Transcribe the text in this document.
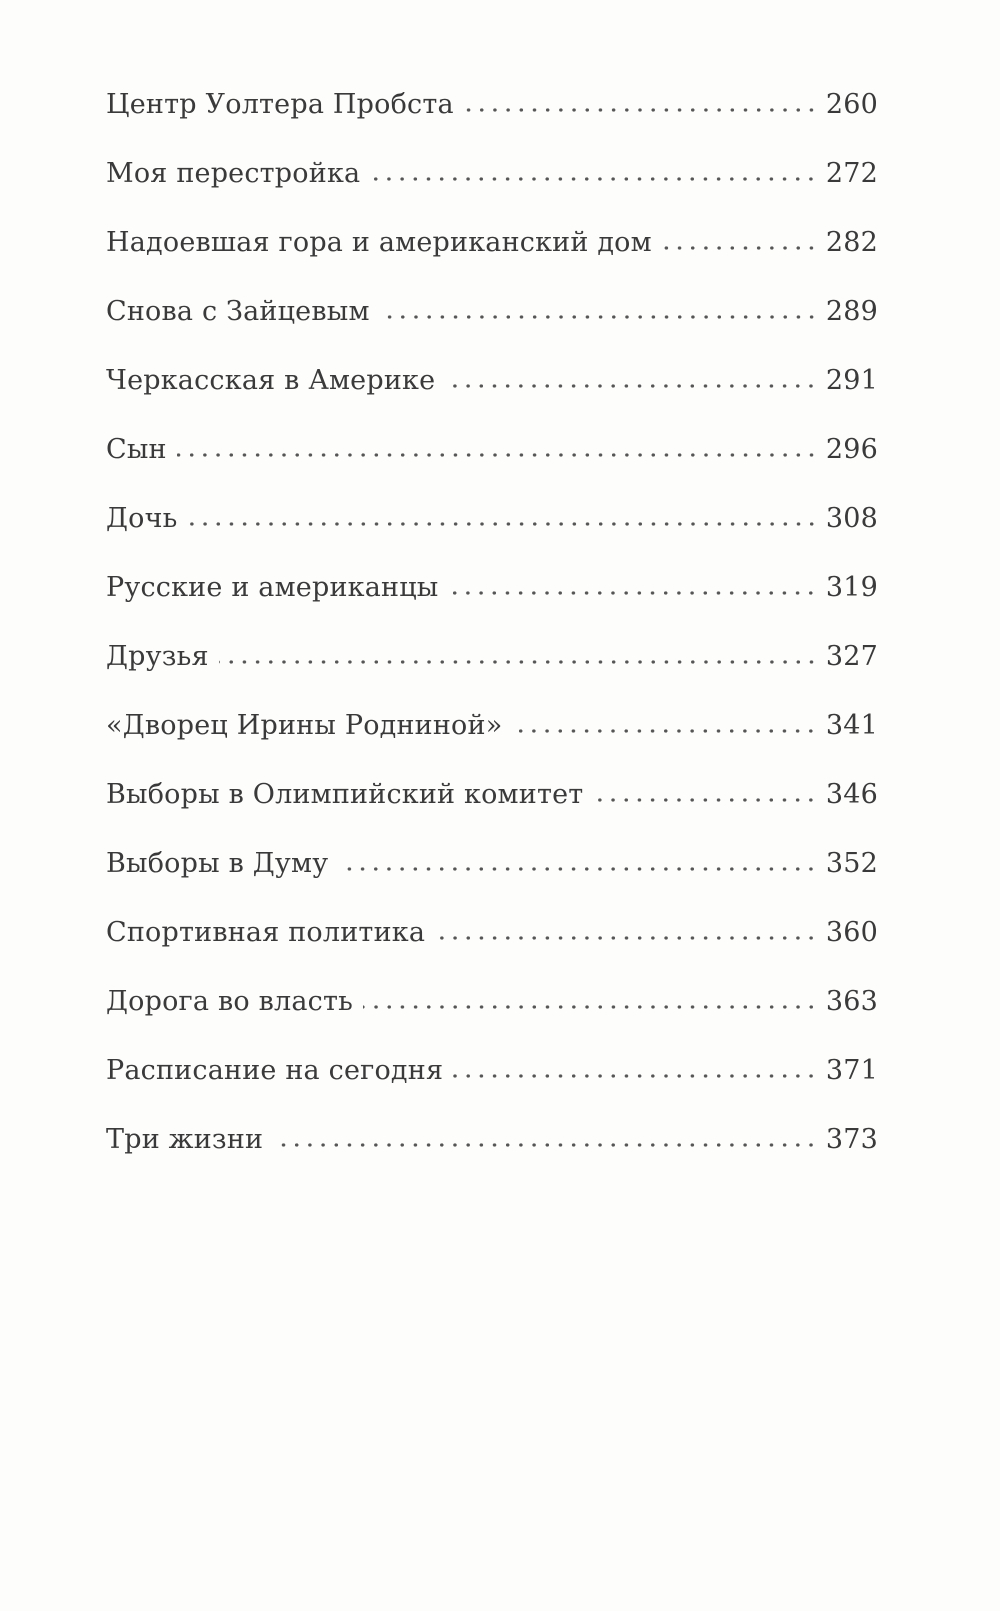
Центр Уолтера Пробста	260
Моя перестройка	272
Надоевшая гора и американский дом	282
Снова с Зайцевым	289
Черкасская в Америке	291
Сын	296
Дочь	308
Русские и американцы	319
Друзья	327
«Дворец Ирины Родниной»	341
Выборы в Олимпийский комитет	346
Выборы в Думу	352
Спортивная политика	360
Дорога во власть	363
Расписание на сегодня	371
Три жизни	373
